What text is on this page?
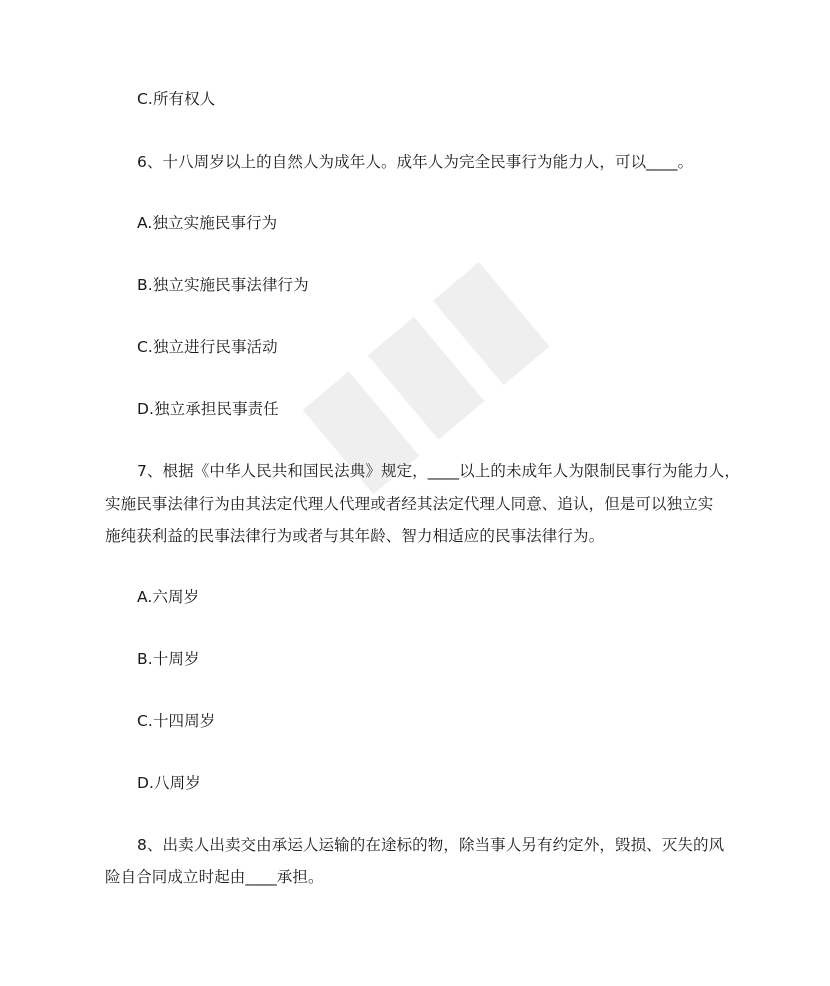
C.所有权人
6、十八周岁以上的自然人为成年人。成年人为完全民事行为能力人，可以____。
A.独立实施民事行为
B.独立实施民事法律行为
C.独立进行民事活动
D.独立承担民事责任
7、根据《中华人民共和国民法典》规定，____以上的未成年人为限制民事行为能力人，
实施民事法律行为由其法定代理人代理或者经其法定代理人同意、追认，但是可以独立实
施纯获利益的民事法律行为或者与其年龄、智力相适应的民事法律行为。
A.六周岁
B.十周岁
C.十四周岁
D.八周岁
8、出卖人出卖交由承运人运输的在途标的物，除当事人另有约定外，毁损、灭失的风
险自合同成立时起由____承担。
